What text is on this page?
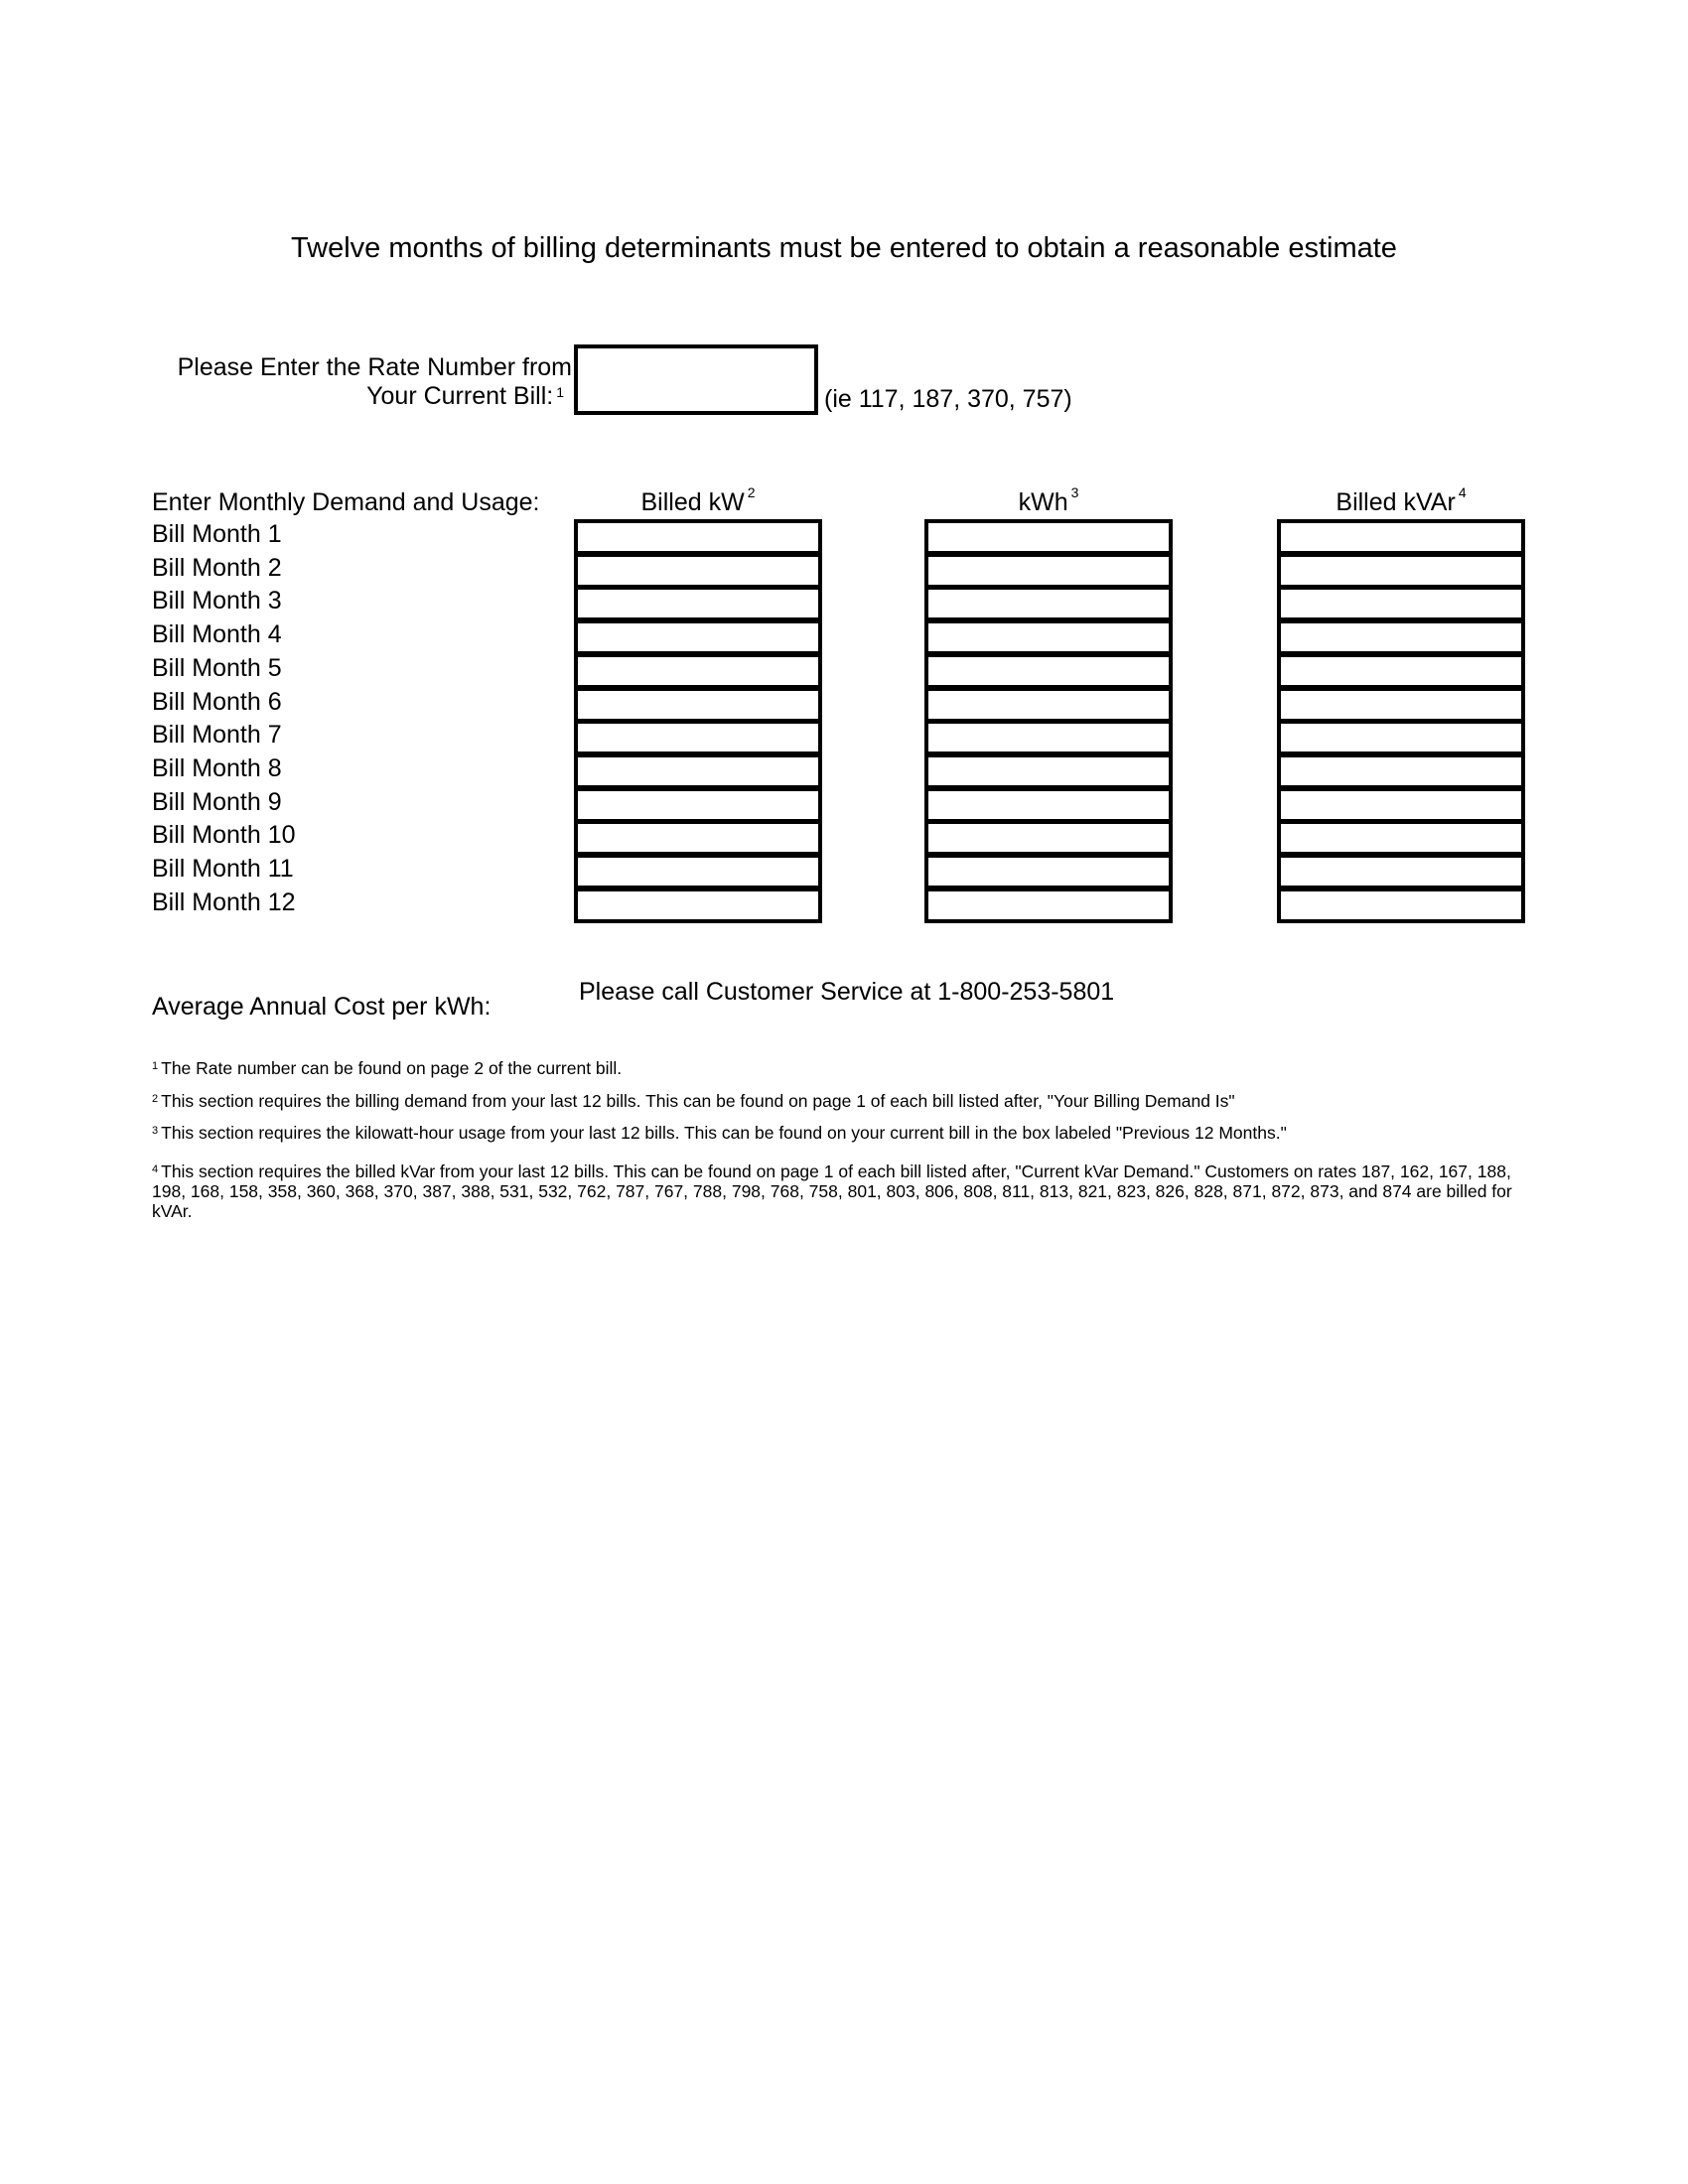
Twelve months of billing determinants must be entered to obtain a reasonable estimate
Please Enter the Rate Number from
Your Current Bill: $^1$	(ie 117, 187, 370, 757)
Enter Monthly Demand and Usage:	Billed kW $^2$	kWh $^3$	Billed kVAr $^4$
Bill Month 1
Bill Month 2
Bill Month 3
Bill Month 4
Bill Month 5
Bill Month 6
Bill Month 7
Bill Month 8
Bill Month 9
Bill Month 10
Bill Month 11
Bill Month 12
Average Annual Cost per kWh:
Please call Customer Service at 1-800-253-5801
$^1$ The Rate number can be found on page 2 of the current bill.
$^2$ This section requires the billing demand from your last 12 bills. This can be found on page 1 of each bill listed after, "Your Billing Demand Is"
$^3$ This section requires the kilowatt-hour usage from your last 12 bills. This can be found on your current bill in the box labeled "Previous 12 Months."
$^4$ This section requires the billed kVar from your last 12 bills. This can be found on page 1 of each bill listed after, "Current kVar Demand." Customers on rates 187, 162, 167, 188, 198, 168, 158, 358, 360, 368, 370, 387, 388, 531, 532, 762, 787, 767, 788, 798, 768, 758, 801, 803, 806, 808, 811, 813, 821, 823, 826, 828, 871, 872, 873, and 874 are billed for kVAr.
